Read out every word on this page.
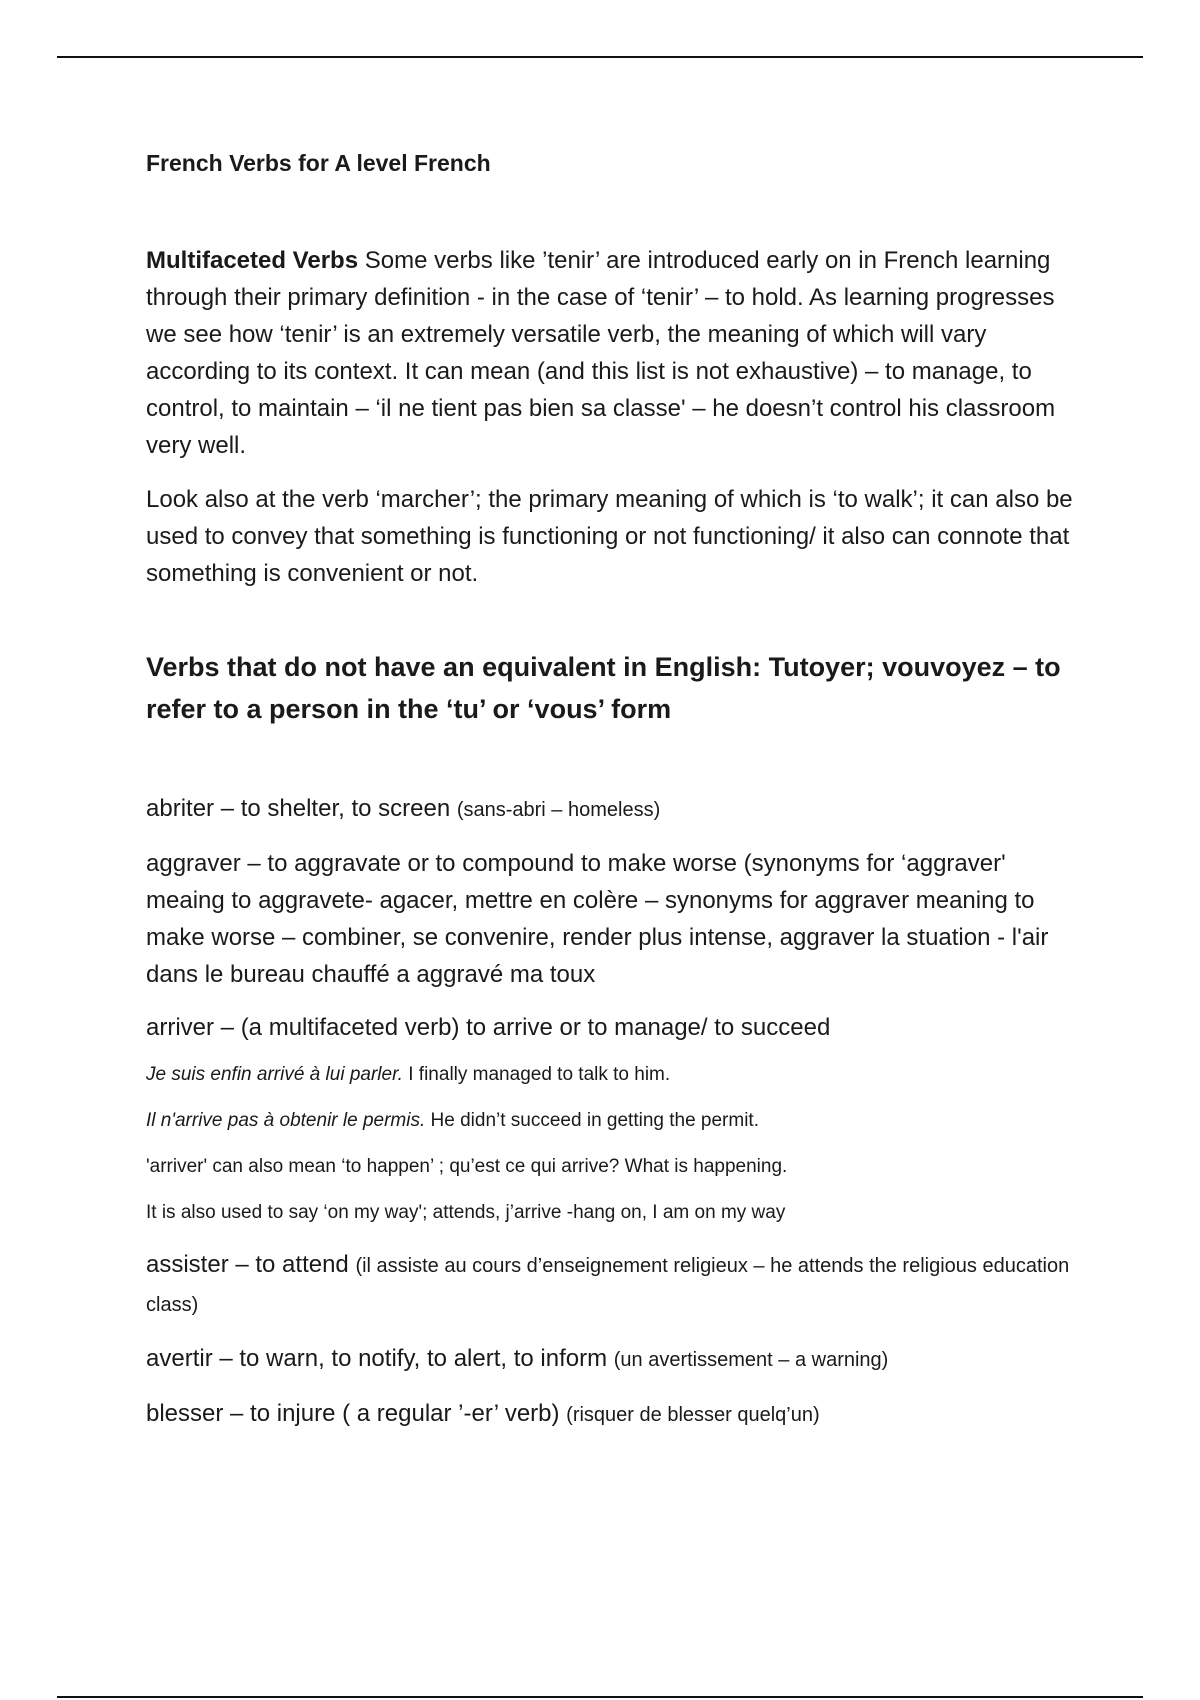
French Verbs for A level French
Multifaceted Verbs Some verbs like ’tenir’ are introduced early on in French learning through their primary definition - in the case of ‘tenir’ – to hold. As learning progresses we see how ‘tenir’ is an extremely versatile verb, the meaning of which will vary according to its context. It can mean (and this list is not exhaustive) – to manage, to control, to maintain – ‘il ne tient pas bien sa classe' – he doesn’t control his classroom very well.
Look also at the verb ‘marcher’; the primary meaning of which is ‘to walk’; it can also be used to convey that something is functioning or not functioning/ it also can connote that something is convenient or not.
Verbs that do not have an equivalent in English: Tutoyer; vouvoyez – to refer to a person in the ‘tu’ or ‘vous’ form
abriter – to shelter, to screen (sans-abri – homeless)
aggraver – to aggravate or to compound to make worse (synonyms for ‘aggraver' meaing to aggravete- agacer, mettre en colère – synonyms for aggraver meaning to make worse – combiner, se convenire, render plus intense, aggraver la stuation - l'air dans le bureau chauffé a aggravé ma toux
arriver – (a multifaceted verb) to arrive or to manage/ to succeed
Je suis enfin arrivé à lui parler. I finally managed to talk to him.
Il n'arrive pas à obtenir le permis. He didn’t succeed in getting the permit.
'arriver' can also mean ‘to happen’ ; qu’est ce qui arrive? What is happening.
It is also used to say ‘on my way'; attends, j’arrive -hang on, I am on my way
assister – to attend (il assiste au cours d’enseignement religieux – he attends the religious education class)
avertir – to warn, to notify, to alert, to inform (un avertissement – a warning)
blesser – to injure ( a regular ’-er’ verb) (risquer de blesser quelq’un)
